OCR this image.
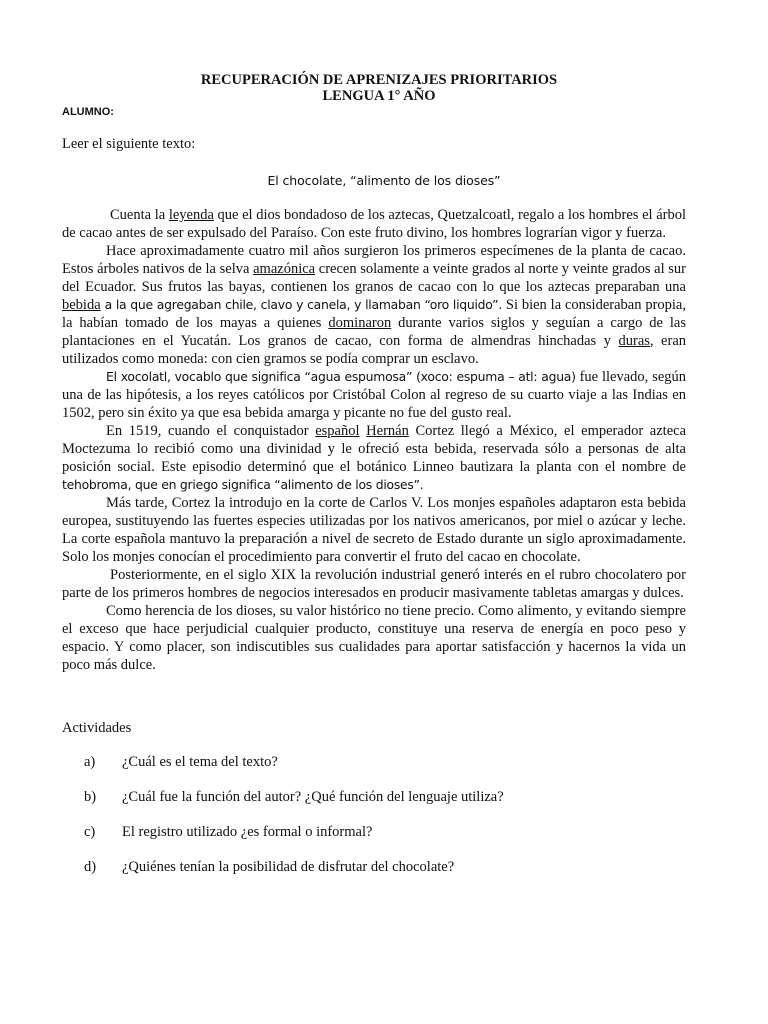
RECUPERACIÓN DE APRENIZAJES PRIORITARIOS
LENGUA 1° AÑO
ALUMNO:
Leer el siguiente texto:
El chocolate, “alimento de los dioses”

Cuenta la leyenda que el dios bondadoso de los aztecas, Quetzalcoatl, regalo a los hombres el árbol de cacao antes de ser expulsado del Paraíso. Con este fruto divino, los hombres lograrían vigor y fuerza.

Hace aproximadamente cuatro mil años surgieron los primeros especímenes de la planta de cacao. Estos árboles nativos de la selva amazónica crecen solamente a veinte grados al norte y veinte grados al sur del Ecuador. Sus frutos las bayas, contienen los granos de cacao con lo que los aztecas preparaban una bebida a la que agregaban chile, clavo y canela, y llamaban “oro liquido”. Si bien la consideraban propia, la habían tomado de los mayas a quienes dominaron durante varios siglos y seguían a cargo de las plantaciones en el Yucatán. Los granos de cacao, con forma de almendras hinchadas y duras, eran utilizados como moneda: con cien gramos se podía comprar un esclavo.

El xocolatl, vocablo que significa “agua espumosa” (xoco: espuma – atl: agua) fue llevado, según una de las hipótesis, a los reyes católicos por Cristóbal Colon al regreso de su cuarto viaje a las Indias en 1502, pero sin éxito ya que esa bebida amarga y picante no fue del gusto real.

En 1519, cuando el conquistador español Hernán Cortez llegó a México, el emperador azteca Moctezuma lo recibió como una divinidad y le ofreció esta bebida, reservada sólo a personas de alta posición social. Este episodio determinó que el botánico Linneo bautizara la planta con el nombre de tehobroma, que en griego significa “alimento de los dioses”.

Más tarde, Cortez la introdujo en la corte de Carlos V. Los monjes españoles adaptaron esta bebida europea, sustituyendo las fuertes especies utilizadas por los nativos americanos, por miel o azúcar y leche. La corte española mantuvo la preparación a nivel de secreto de Estado durante un siglo aproximadamente. Solo los monjes conocían el procedimiento para convertir el fruto del cacao en chocolate.

Posteriormente, en el siglo XIX la revolución industrial generó interés en el rubro chocolatero por parte de los primeros hombres de negocios interesados en producir masivamente tabletas amargas y dulces.

Como herencia de los dioses, su valor histórico no tiene precio. Como alimento, y evitando siempre el exceso que hace perjudicial cualquier producto, constituye una reserva de energía en poco peso y espacio. Y como placer, son indiscutibles sus cualidades para aportar satisfacción y hacernos la vida un poco más dulce.

Actividades
a)	¿Cuál es el tema del texto?
b)	¿Cuál fue la función del autor? ¿Qué función del lenguaje utiliza?
c)	El registro utilizado ¿es formal o informal?
d)	¿Quiénes tenían la posibilidad de disfrutar del chocolate?
